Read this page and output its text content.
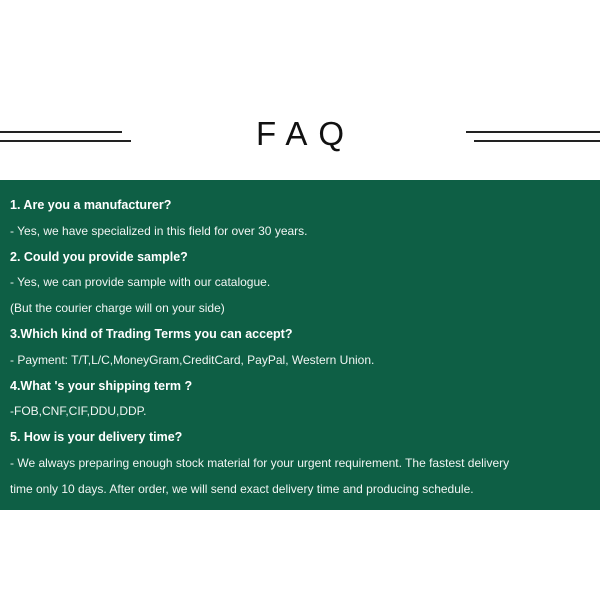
FAQ
1. Are you a manufacturer?
- Yes, we have specialized in this field for over 30 years.
2. Could you provide sample?
- Yes, we can provide sample with our catalogue.
(But the courier charge will on your side)
3.Which kind of Trading Terms you can accept?
- Payment: T/T,L/C,MoneyGram,CreditCard, PayPal, Western Union.
4.What 's your shipping term ?
-FOB,CNF,CIF,DDU,DDP.
5. How is your delivery time?
- We always preparing enough stock material for your urgent requirement. The fastest delivery
time only 10 days. After order, we will send exact delivery time and producing schedule.
